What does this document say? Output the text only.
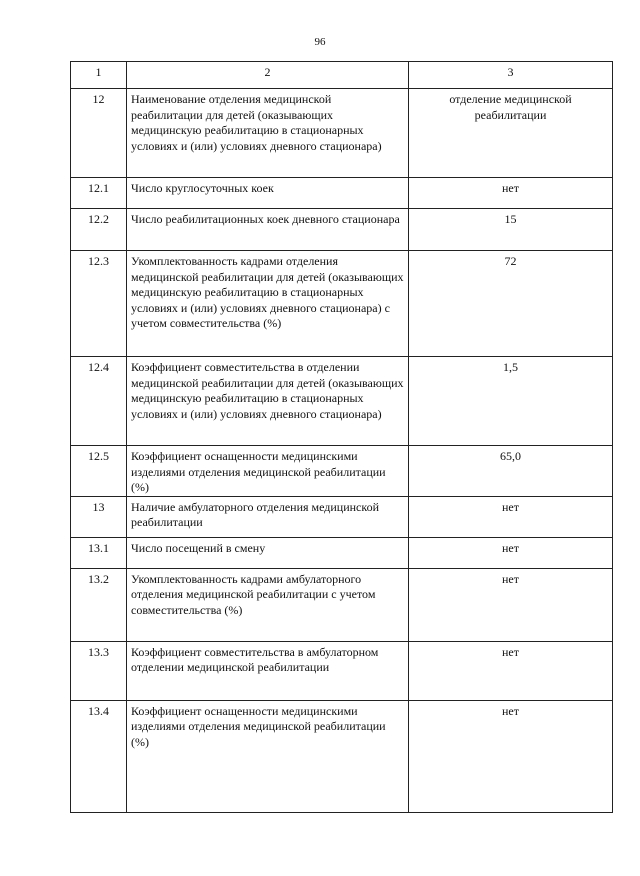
96
1	2	3
12	Наименование отделения медицинской реабилитации для детей (оказывающих медицинскую реабилитацию в стационарных условиях и (или) условиях дневного стационара)	отделение медицинской реабилитации
12.1	Число круглосуточных коек	нет
12.2	Число реабилитационных коек дневного стационара	15
12.3	Укомплектованность кадрами отделения медицинской реабилитации для детей (оказывающих медицинскую реабилитацию в стационарных условиях и (или) условиях дневного стационара) с учетом совместительства (%)	72
12.4	Коэффициент совместительства в отделении медицинской реабилитации для детей (оказывающих медицинскую реабилитацию в стационарных условиях и (или) условиях дневного стационара)	1,5
12.5	Коэффициент оснащенности медицинскими изделиями отделения медицинской реабилитации (%)	65,0
13	Наличие амбулаторного отделения медицинской реабилитации	нет
13.1	Число посещений в смену	нет
13.2	Укомплектованность кадрами амбулаторного отделения медицинской реабилитации с учетом совместительства (%)	нет
13.3	Коэффициент совместительства в амбулаторном отделении медицинской реабилитации	нет
13.4	Коэффициент оснащенности медицинскими изделиями отделения медицинской реабилитации (%)	нет
